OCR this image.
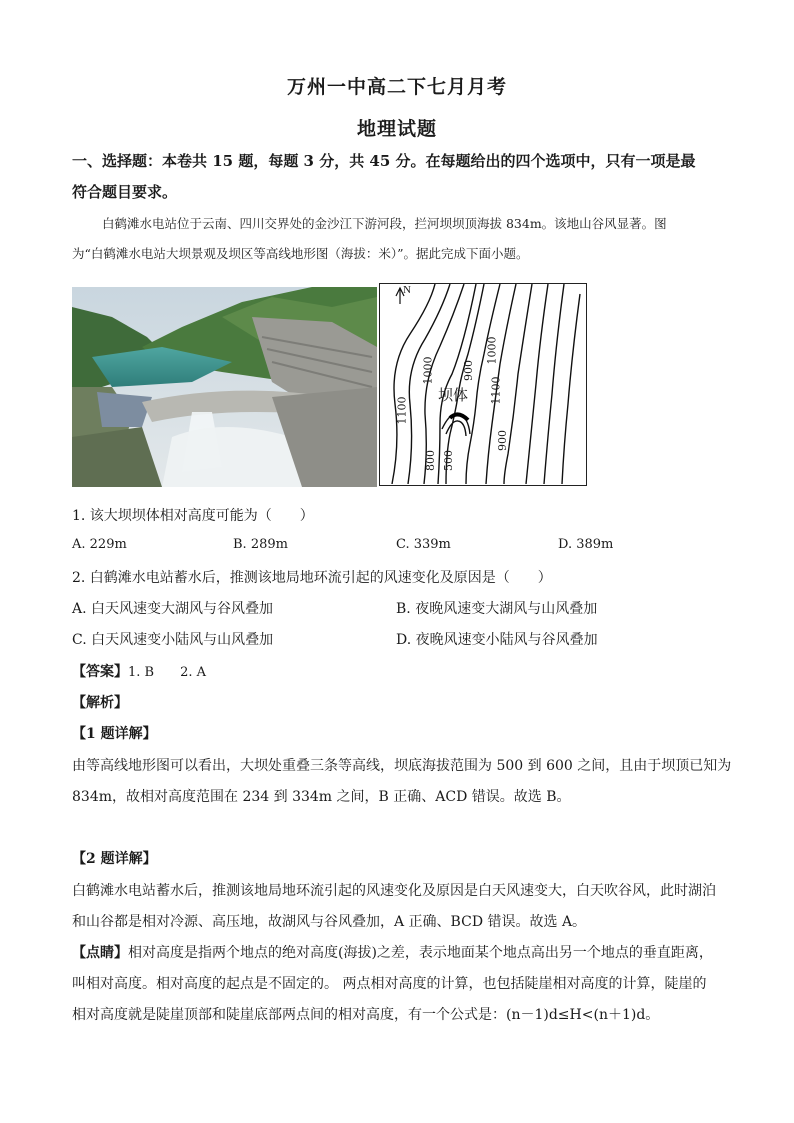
万州一中高二下七月月考
地理试题
一、选择题：本卷共 15 题，每题 3 分，共 45 分。在每题给出的四个选项中，只有一项是最
符合题目要求。
白鹤滩水电站位于云南、四川交界处的金沙江下游河段，拦河坝坝顶海拔 834m。该地山谷风显著。图
为“白鹤滩水电站大坝景观及坝区等高线地形图（海拔：米）”。据此完成下面小题。
N
坝体
1000	900
1000
1100
1100
900
800 500
1. 该大坝坝体相对高度可能为（　　）
A. 229m	B. 289m	C. 339m	D. 389m
2. 白鹤滩水电站蓄水后，推测该地局地环流引起的风速变化及原因是（　　）
A. 白天风速变大湖风与谷风叠加	B. 夜晚风速变大湖风与山风叠加
C. 白天风速变小陆风与山风叠加	D. 夜晚风速变小陆风与谷风叠加
【答案】 1. B　　2. A
【解析】
【1 题详解】
由等高线地形图可以看出，大坝处重叠三条等高线，坝底海拔范围为 500 到 600 之间，且由于坝顶已知为
834m，故相对高度范围在 234 到 334m 之间，B 正确、ACD 错误。故选 B。
【2 题详解】
白鹤滩水电站蓄水后，推测该地局地环流引起的风速变化及原因是白天风速变大，白天吹谷风，此时湖泊
和山谷都是相对冷源、高压地，故湖风与谷风叠加，A 正确、BCD 错误。故选 A。
【点睛】 相对高度是指两个地点的绝对高度(海拔)之差，表示地面某个地点高出另一个地点的垂直距离，
叫相对高度。相对高度的起点是不固定的。 两点相对高度的计算，也包括陡崖相对高度的计算，陡崖的
相对高度就是陡崖顶部和陡崖底部两点间的相对高度，有一个公式是：(n－1)d≤H<(n＋1)d。
